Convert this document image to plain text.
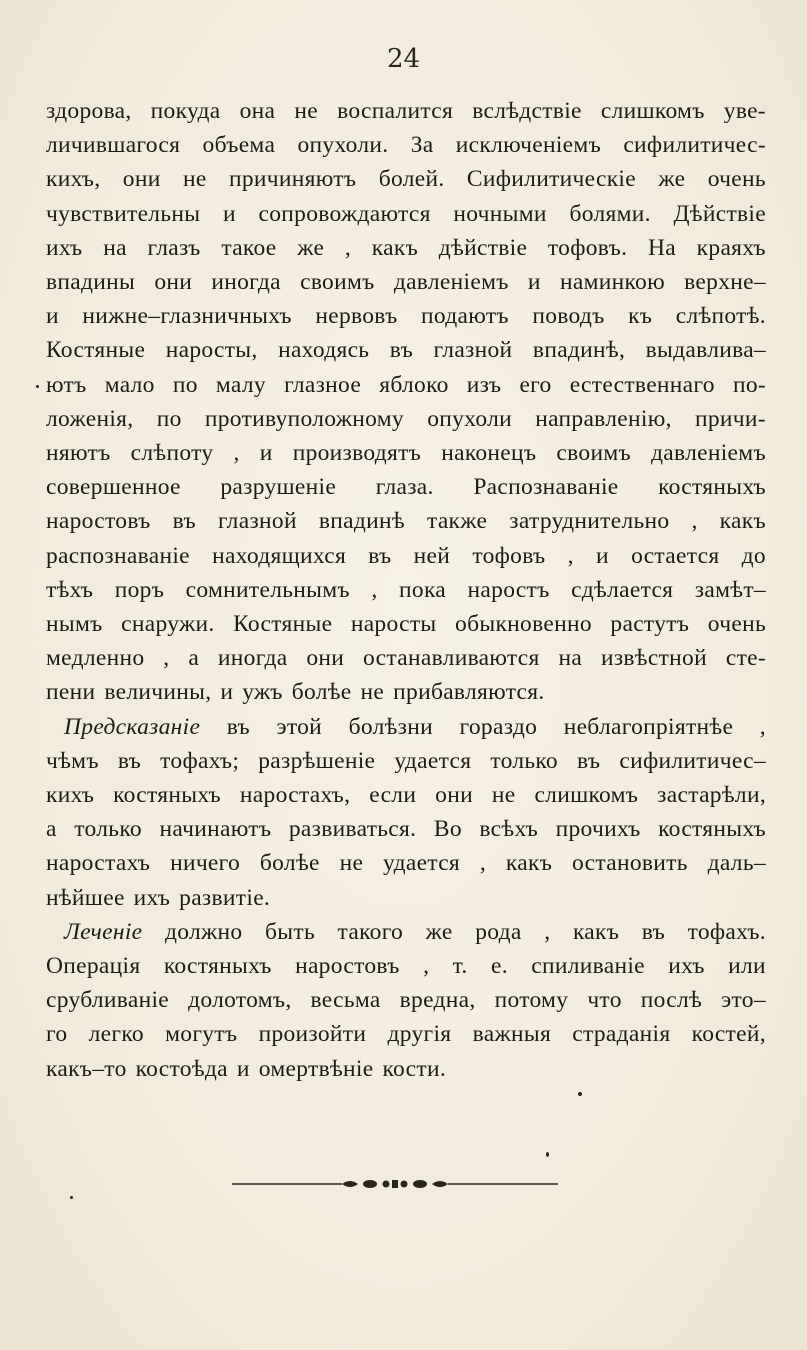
24
здорова, покуда она не воспалится вслѣдствіе слишкомъ уве-
личившагося объема опухоли. За исключеніемъ сифилитичес-
кихъ, они не причиняютъ болей. Сифилитическіе же очень
чувствительны и сопровождаются ночными болями. Дѣйствіе
ихъ на глазъ такое же , какъ дѣйствіе тофовъ. На краяхъ
впадины они иногда своимъ давленіемъ и наминкою верхне–
и нижне–глазничныхъ нервовъ подаютъ поводъ къ слѣпотѣ.
Костяные наросты, находясь въ глазной впадинѣ, выдавлива–
ютъ мало по малу глазное яблоко изъ его естественнаго по-
ложенія, по противуположному опухоли направленію, причи-
няютъ слѣпоту , и производятъ наконецъ своимъ давленіемъ
совершенное разрушеніе глаза. Распознаваніе костяныхъ
наростовъ въ глазной впадинѣ также затруднительно , какъ
распознаваніе находящихся въ ней тофовъ , и остается до
тѣхъ поръ сомнительнымъ , пока наростъ сдѣлается замѣт–
нымъ снаружи. Костяные наросты обыкновенно растутъ очень
медленно , а иногда они останавливаются на извѣстной сте-
пени величины, и ужъ болѣе не прибавляются.
Предсказаніе въ этой болѣзни гораздо неблагопріятнѣе ,
чѣмъ въ тофахъ; разрѣшеніе удается только въ сифилитичес–
кихъ костяныхъ наростахъ, если они не слишкомъ застарѣли,
а только начинаютъ развиваться. Во всѣхъ прочихъ костяныхъ
наростахъ ничего болѣе не удается , какъ остановить даль–
нѣйшее ихъ развитіе.
Леченіе должно быть такого же рода , какъ въ тофахъ.
Операція костяныхъ наростовъ , т. е. спиливаніе ихъ или
срубливаніе долотомъ, весьма вредна, потому что послѣ это–
го легко могутъ произойти другія важныя страданія костей,
какъ–то костоѣда и омертвѣніе кости.
